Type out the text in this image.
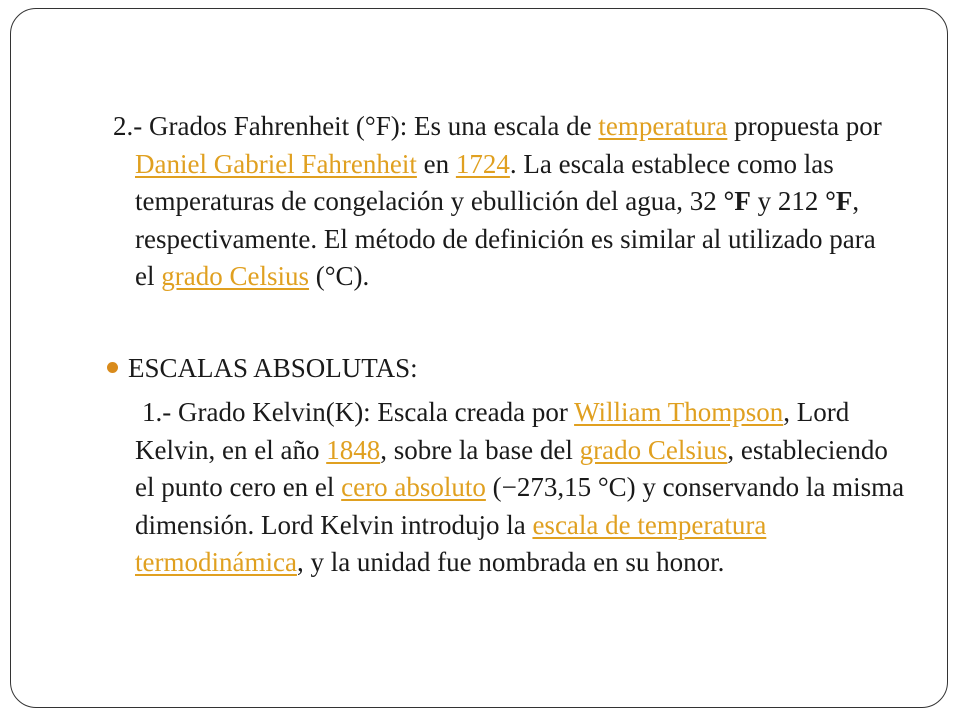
2.- Grados Fahrenheit (°F): Es una escala de temperatura propuesta por Daniel Gabriel Fahrenheit en 1724. La escala establece como las temperaturas de congelación y ebullición del agua, 32 °F y 212 °F, respectivamente. El método de definición es similar al utilizado para el grado Celsius (°C).

ESCALAS ABSOLUTAS:

1.- Grado Kelvin(K): Escala creada por William Thompson, Lord Kelvin, en el año 1848, sobre la base del grado Celsius, estableciendo el punto cero en el cero absoluto (−273,15 °C) y conservando la misma dimensión. Lord Kelvin introdujo la escala de temperatura termodinámica, y la unidad fue nombrada en su honor.
